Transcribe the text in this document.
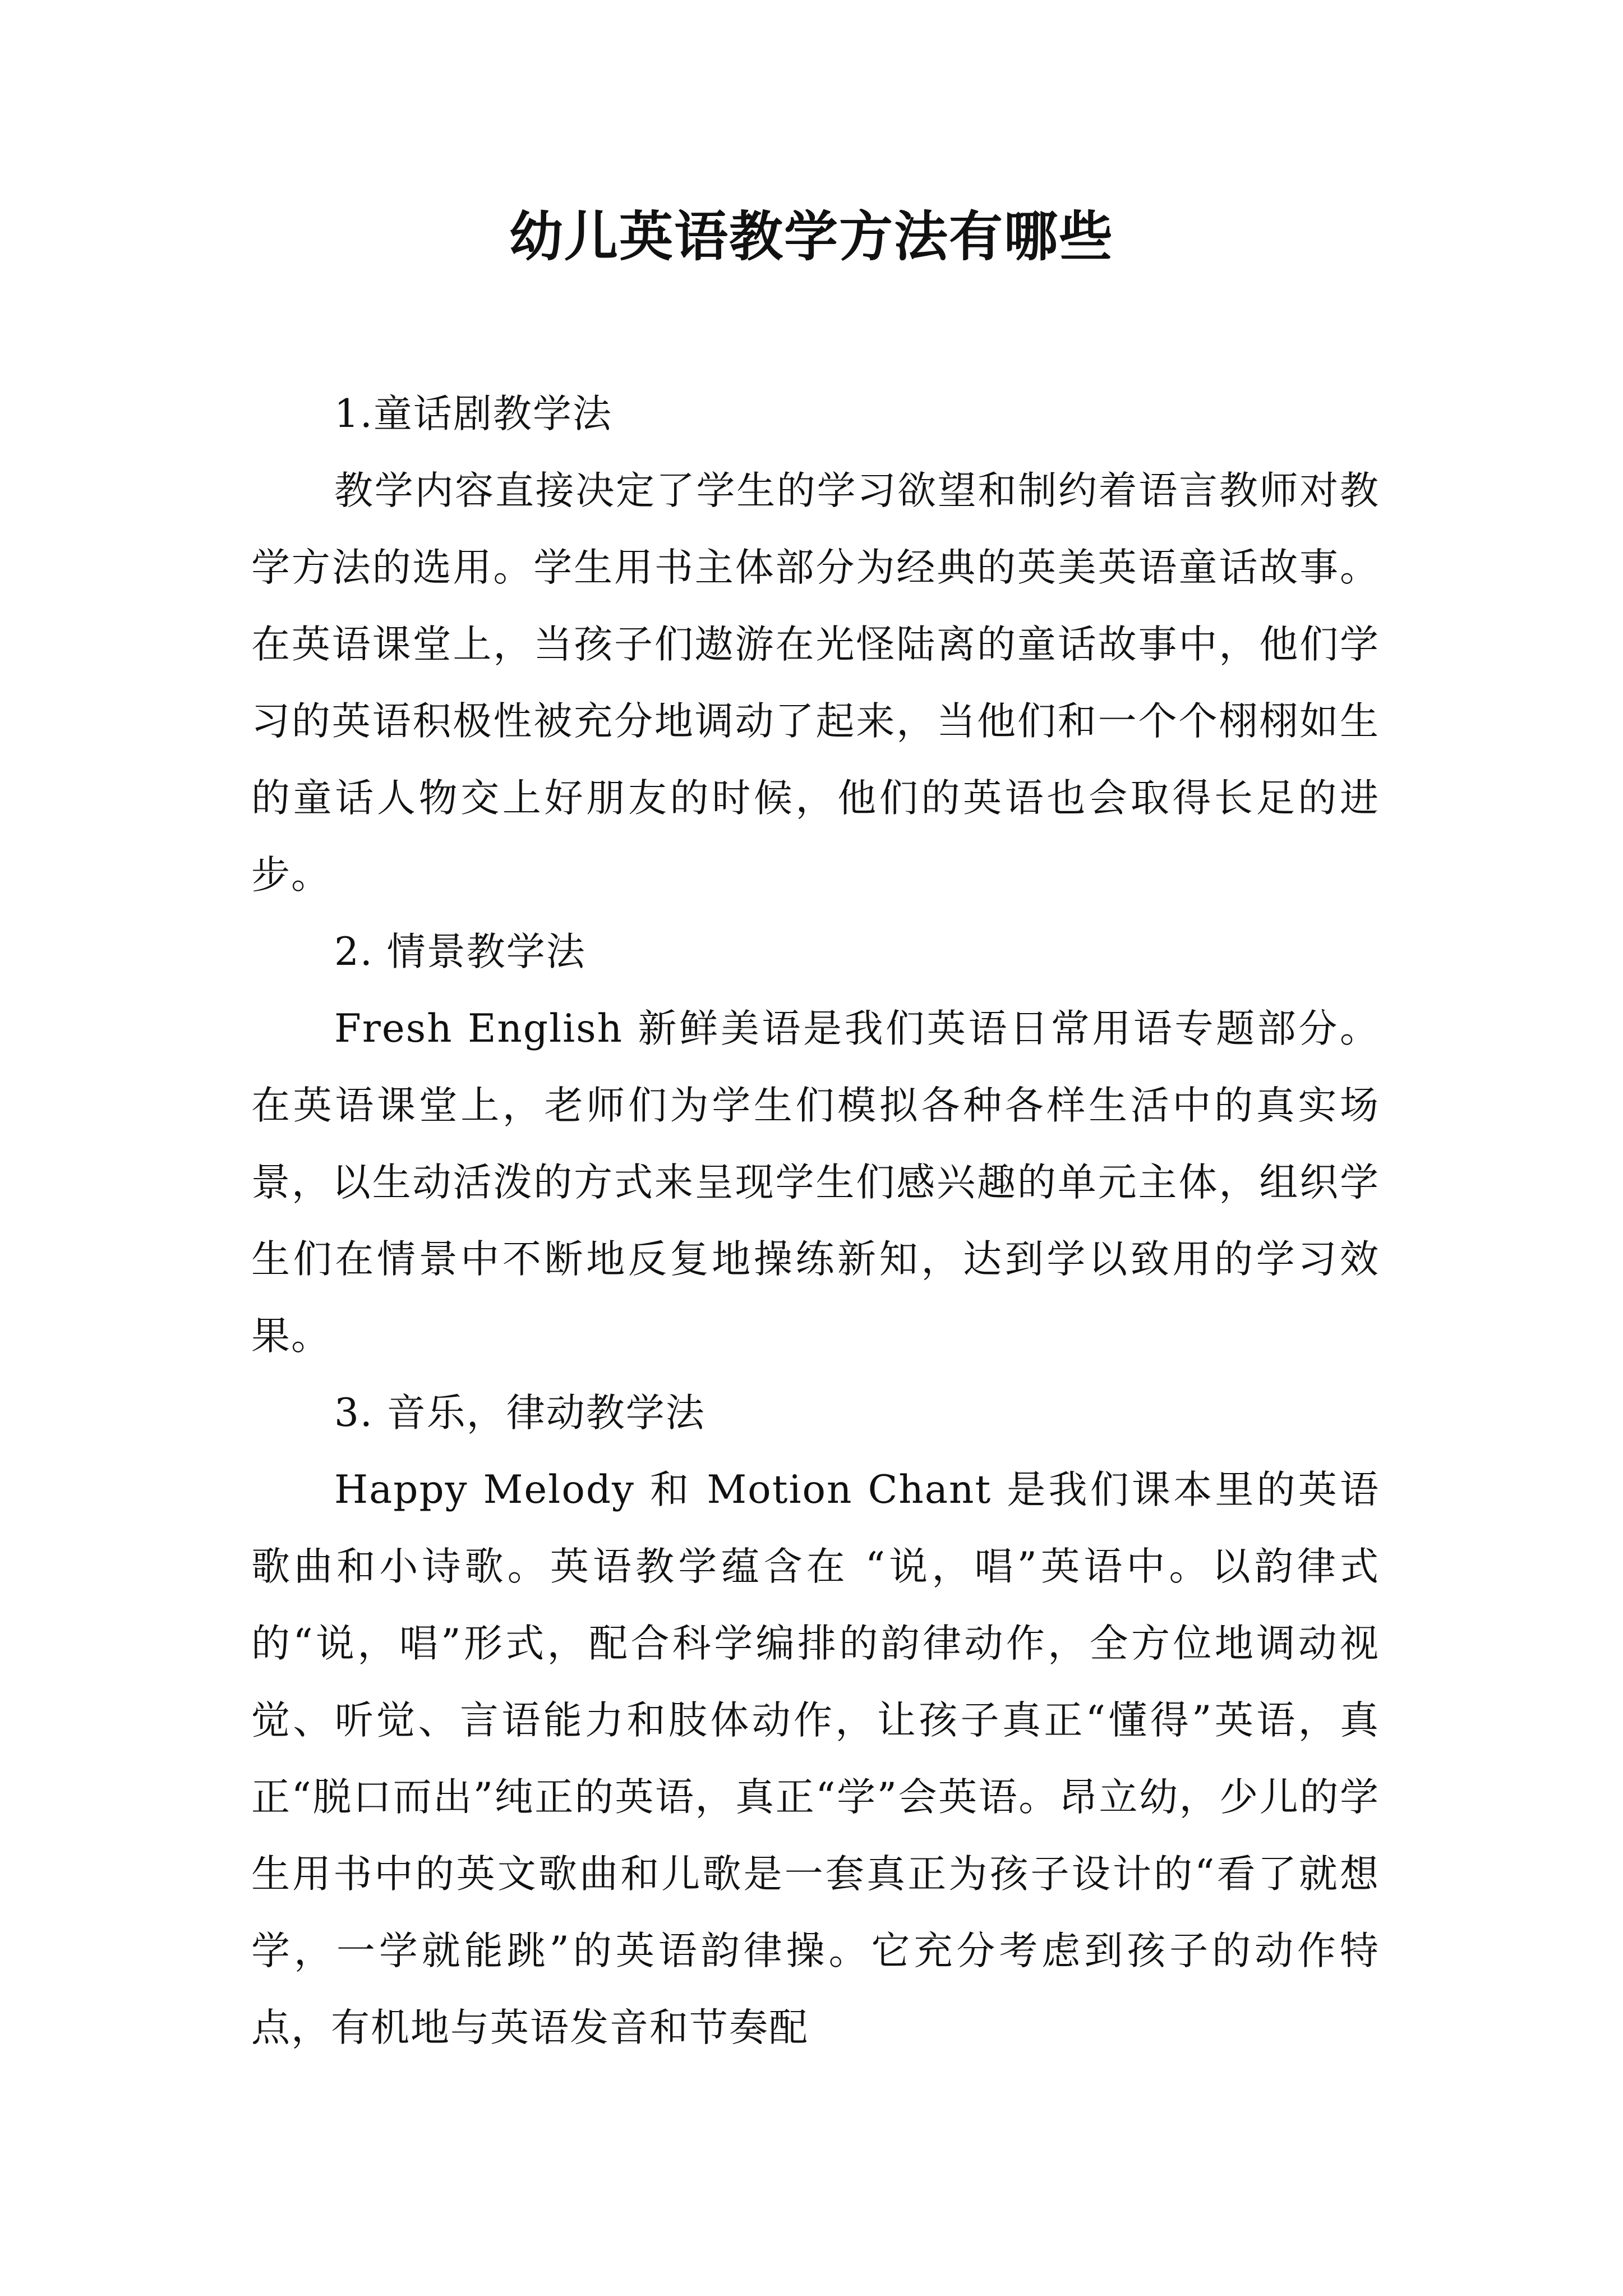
幼儿英语教学方法有哪些

1.童话剧教学法

教学内容直接决定了学生的学习欲望和制约着语言教师对教学方法的选用。学生用书主体部分为经典的英美英语童话故事。在英语课堂上，当孩子们遨游在光怪陆离的童话故事中，他们学习的英语积极性被充分地调动了起来，当他们和一个个栩栩如生的童话人物交上好朋友的时候，他们的英语也会取得长足的进步。

2. 情景教学法

Fresh English 新鲜美语是我们英语日常用语专题部分。在英语课堂上，老师们为学生们模拟各种各样生活中的真实场景，以生动活泼的方式来呈现学生们感兴趣的单元主体，组织学生们在情景中不断地反复地操练新知，达到学以致用的学习效果。

3. 音乐，律动教学法

Happy Melody 和 Motion Chant 是我们课本里的英语歌曲和小诗歌。英语教学蕴含在 “说，唱”英语中。以韵律式的“说，唱”形式，配合科学编排的韵律动作，全方位地调动视觉、听觉、言语能力和肢体动作，让孩子真正“懂得”英语，真正“脱口而出”纯正的英语，真正“学”会英语。昂立幼，少儿的学生用书中的英文歌曲和儿歌是一套真正为孩子设计的“看了就想学，一学就能跳”的英语韵律操。它充分考虑到孩子的动作特点，有机地与英语发音和节奏配
